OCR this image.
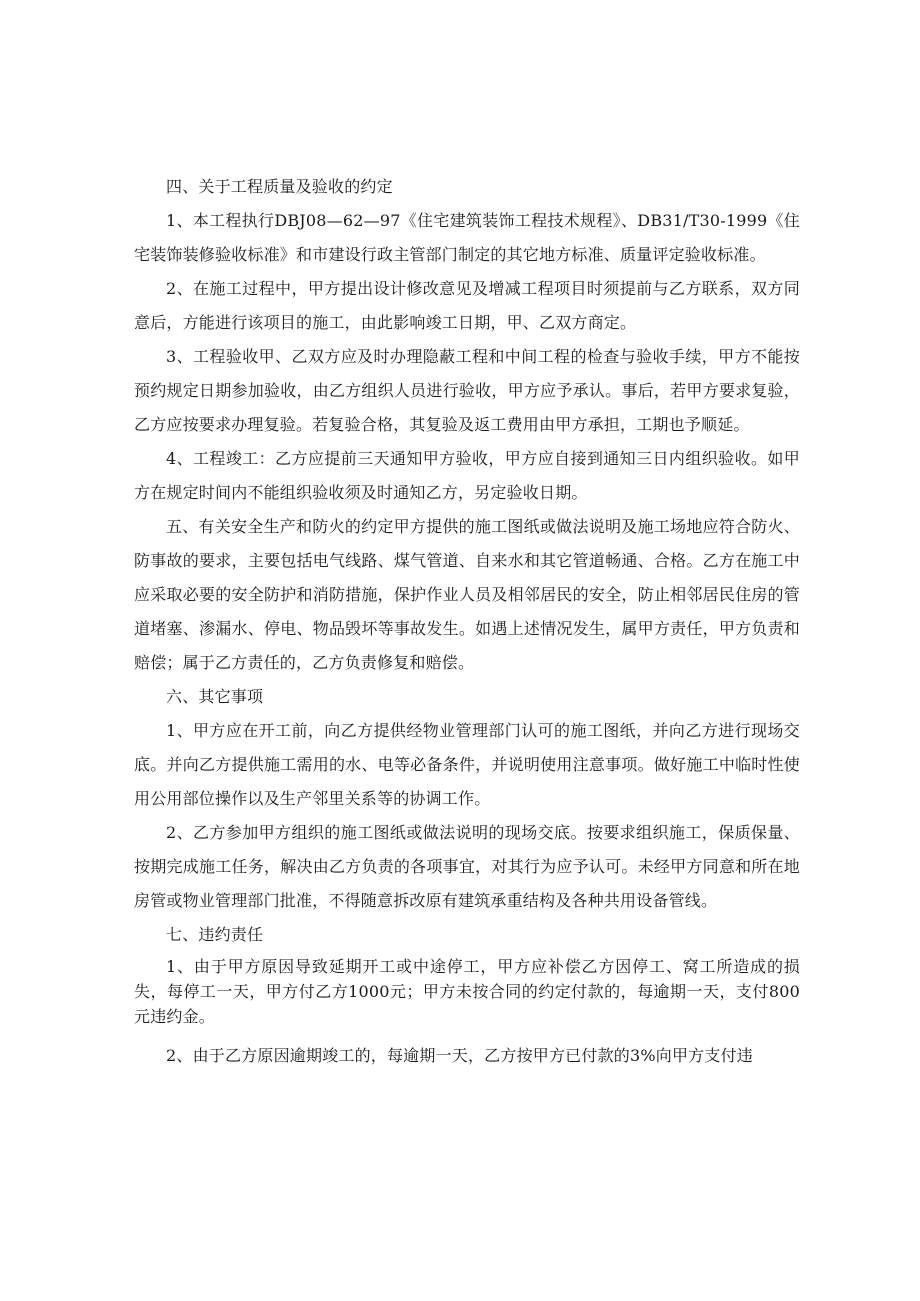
四、关于工程质量及验收的约定

1、本工程执行DBJ08—62—97《住宅建筑装饰工程技术规程》、DB31/T30-1999《住宅装饰装修验收标准》和市建设行政主管部门制定的其它地方标准、质量评定验收标准。

2、在施工过程中，甲方提出设计修改意见及增减工程项目时须提前与乙方联系，双方同意后，方能进行该项目的施工，由此影响竣工日期，甲、乙双方商定。

3、工程验收甲、乙双方应及时办理隐蔽工程和中间工程的检查与验收手续，甲方不能按预约规定日期参加验收，由乙方组织人员进行验收，甲方应予承认。事后，若甲方要求复验，乙方应按要求办理复验。若复验合格，其复验及返工费用由甲方承担，工期也予顺延。

4、工程竣工：乙方应提前三天通知甲方验收，甲方应自接到通知三日内组织验收。如甲方在规定时间内不能组织验收须及时通知乙方，另定验收日期。

五、有关安全生产和防火的约定甲方提供的施工图纸或做法说明及施工场地应符合防火、防事故的要求，主要包括电气线路、煤气管道、自来水和其它管道畅通、合格。乙方在施工中应采取必要的安全防护和消防措施，保护作业人员及相邻居民的安全，防止相邻居民住房的管道堵塞、渗漏水、停电、物品毁坏等事故发生。如遇上述情况发生，属甲方责任，甲方负责和赔偿；属于乙方责任的，乙方负责修复和赔偿。

六、其它事项

1、甲方应在开工前，向乙方提供经物业管理部门认可的施工图纸，并向乙方进行现场交底。并向乙方提供施工需用的水、电等必备条件，并说明使用注意事项。做好施工中临时性使用公用部位操作以及生产邻里关系等的协调工作。

2、乙方参加甲方组织的施工图纸或做法说明的现场交底。按要求组织施工，保质保量、按期完成施工任务，解决由乙方负责的各项事宜，对其行为应予认可。未经甲方同意和所在地房管或物业管理部门批准，不得随意拆改原有建筑承重结构及各种共用设备管线。

七、违约责任

1、由于甲方原因导致延期开工或中途停工，甲方应补偿乙方因停工、窝工所造成的损失，每停工一天，甲方付乙方1000元；甲方未按合同的约定付款的，每逾期一天，支付800元违约金。

2、由于乙方原因逾期竣工的，每逾期一天，乙方按甲方已付款的3%向甲方支付违
